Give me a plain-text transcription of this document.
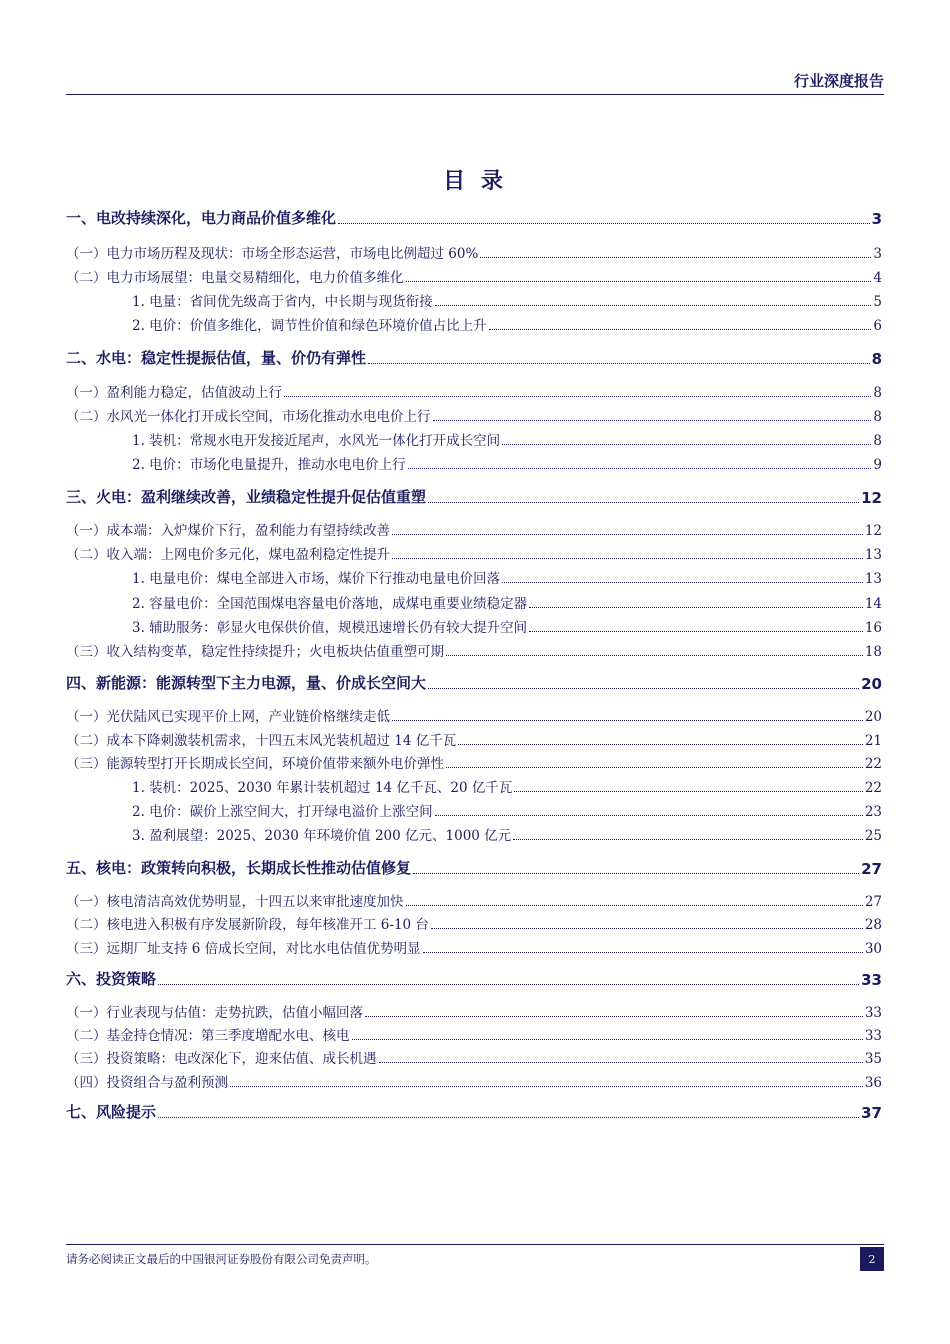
行业深度报告
目 录
一、电改持续深化，电力商品价值多维化	3
（一）电力市场历程及现状：市场全形态运营，市场电比例超过 60%	3
（二）电力市场展望：电量交易精细化，电力价值多维化	4
1. 电量：省间优先级高于省内，中长期与现货衔接	5
2. 电价：价值多维化，调节性价值和绿色环境价值占比上升	6
二、水电：稳定性提振估值，量、价仍有弹性	8
（一）盈利能力稳定，估值波动上行	8
（二）水风光一体化打开成长空间，市场化推动水电电价上行	8
1. 装机：常规水电开发接近尾声，水风光一体化打开成长空间	8
2. 电价：市场化电量提升，推动水电电价上行	9
三、火电：盈利继续改善，业绩稳定性提升促估值重塑	12
（一）成本端：入炉煤价下行，盈利能力有望持续改善	12
（二）收入端：上网电价多元化，煤电盈利稳定性提升	13
1. 电量电价：煤电全部进入市场，煤价下行推动电量电价回落	13
2. 容量电价：全国范围煤电容量电价落地，成煤电重要业绩稳定器	14
3. 辅助服务：彰显火电保供价值，规模迅速增长仍有较大提升空间	16
（三）收入结构变革，稳定性持续提升；火电板块估值重塑可期	18
四、新能源：能源转型下主力电源，量、价成长空间大	20
（一）光伏陆风已实现平价上网，产业链价格继续走低	20
（二）成本下降刺激装机需求，十四五末风光装机超过 14 亿千瓦	21
（三）能源转型打开长期成长空间，环境价值带来额外电价弹性	22
1. 装机：2025、2030 年累计装机超过 14 亿千瓦、20 亿千瓦	22
2. 电价：碳价上涨空间大，打开绿电溢价上涨空间	23
3. 盈利展望：2025、2030 年环境价值 200 亿元、1000 亿元	25
五、核电：政策转向积极，长期成长性推动估值修复	27
（一）核电清洁高效优势明显，十四五以来审批速度加快	27
（二）核电进入积极有序发展新阶段，每年核准开工 6-10 台	28
（三）远期厂址支持 6 倍成长空间，对比水电估值优势明显	30
六、投资策略	33
（一）行业表现与估值：走势抗跌，估值小幅回落	33
（二）基金持仓情况：第三季度增配水电、核电	33
（三）投资策略：电改深化下，迎来估值、成长机遇	35
（四）投资组合与盈利预测	36
七、风险提示	37
请务必阅读正文最后的中国银河证券股份有限公司免责声明。	2
